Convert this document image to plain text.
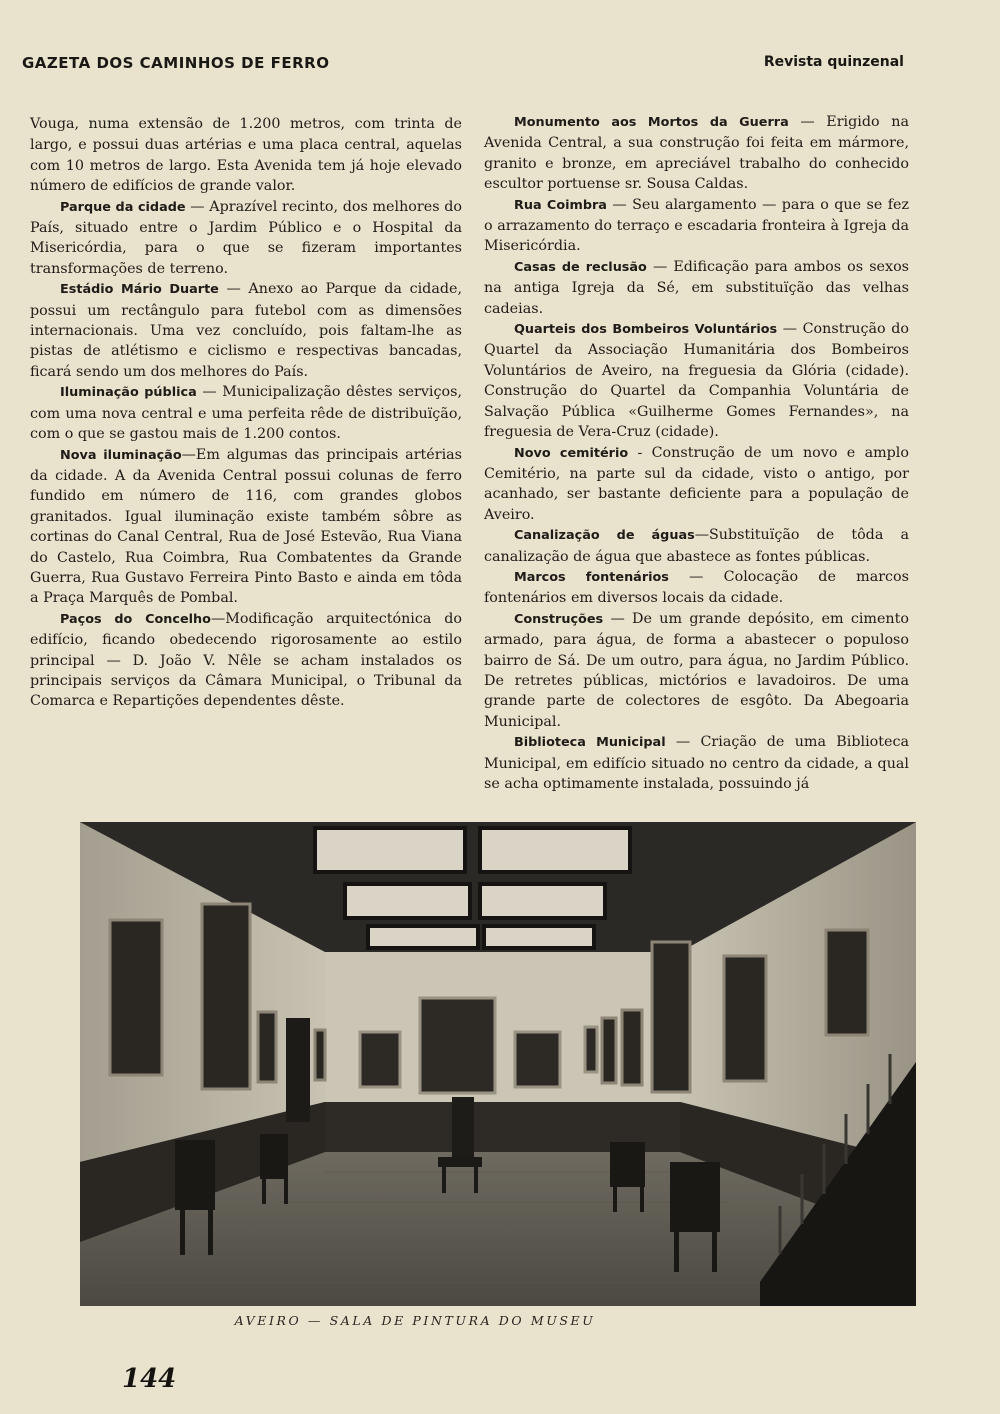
GAZETA DOS CAMINHOS DE FERRO	Revista quinzenal

Vouga, numa extensão de 1.200 metros, com trinta de largo, e possui duas artérias e uma placa central, aquelas com 10 metros de largo. Esta Avenida tem já hoje elevado número de edifícios de grande valor.

Parque da cidade — Aprazível recinto, dos melhores do País, situado entre o Jardim Público e o Hospital da Misericórdia, para o que se fizeram importantes transformações de terreno.

Estádio Mário Duarte — Anexo ao Parque da cidade, possui um rectângulo para futebol com as dimensões internacionais. Uma vez concluído, pois faltam-lhe as pistas de atlétismo e ciclismo e respectivas bancadas, ficará sendo um dos melhores do País.

Iluminação pública — Municipalização dêstes serviços, com uma nova central e uma perfeita rêde de distribuïção, com o que se gastou mais de 1.200 contos.

Nova iluminação—Em algumas das principais artérias da cidade. A da Avenida Central possui colunas de ferro fundido em número de 116, com grandes globos granitados. Igual iluminação existe também sôbre as cortinas do Canal Central, Rua de José Estevão, Rua Viana do Castelo, Rua Coimbra, Rua Combatentes da Grande Guerra, Rua Gustavo Ferreira Pinto Basto e ainda em tôda a Praça Marquês de Pombal.

Paços do Concelho—Modificação arquitectónica do edifício, ficando obedecendo rigorosamente ao estilo principal — D. João V. Nêle se acham instalados os principais serviços da Câmara Municipal, o Tribunal da Comarca e Repartições dependentes dêste.

Monumento aos Mortos da Guerra — Erigido na Avenida Central, a sua construção foi feita em mármore, granito e bronze, em apreciável trabalho do conhecido escultor portuense sr. Sousa Caldas.

Rua Coimbra — Seu alargamento — para o que se fez o arrazamento do terraço e escadaria fronteira à Igreja da Misericórdia.

Casas de reclusão — Edificação para ambos os sexos na antiga Igreja da Sé, em substituïção das velhas cadeias.

Quarteis dos Bombeiros Voluntários — Construção do Quartel da Associação Humanitária dos Bombeiros Voluntários de Aveiro, na freguesia da Glória (cidade). Construção do Quartel da Companhia Voluntária de Salvação Pública «Guilherme Gomes Fernandes», na freguesia de Vera-Cruz (cidade).

Novo cemitério - Construção de um novo e amplo Cemitério, na parte sul da cidade, visto o antigo, por acanhado, ser bastante deficiente para a população de Aveiro.

Canalização de águas—Substituïção de tôda a canalização de água que abastece as fontes públicas.

Marcos fontenários — Colocação de marcos fontenários em diversos locais da cidade.

Construções — De um grande depósito, em cimento armado, para água, de forma a abastecer o populoso bairro de Sá. De um outro, para água, no Jardim Público. De retretes públicas, mictórios e lavadoiros. De uma grande parte de colectores de esgôto. Da Abegoaria Municipal.

Biblioteca Municipal — Criação de uma Biblioteca Municipal, em edifício situado no centro da cidade, a qual se acha optimamente instalada, possuindo já

AVEIRO — SALA DE PINTURA DO MUSEU
144
